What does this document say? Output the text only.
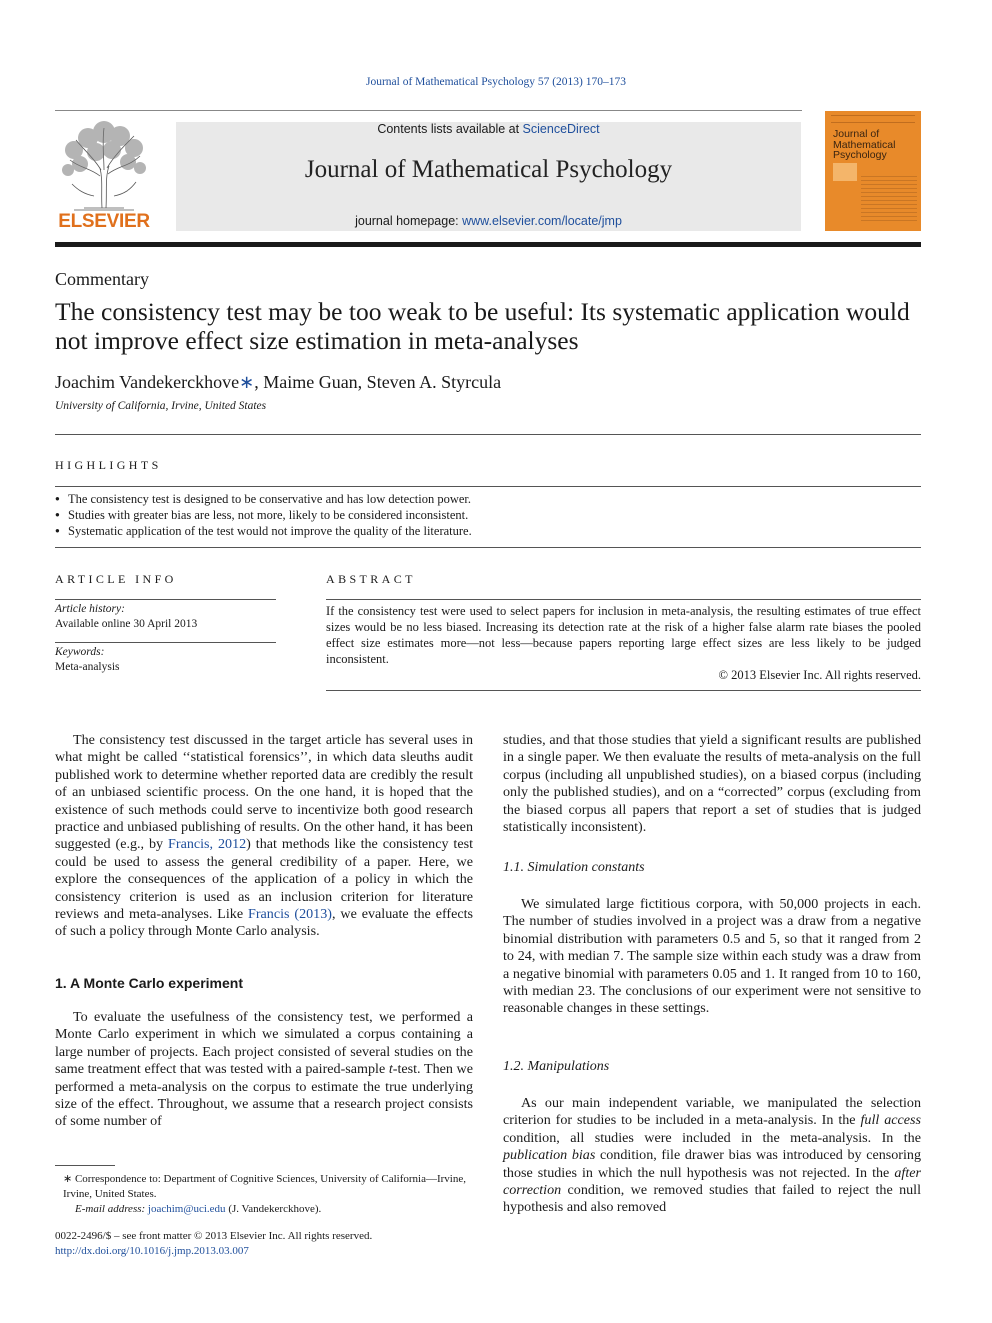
Journal of Mathematical Psychology 57 (2013) 170–173
ELSEVIER
Contents lists available at ScienceDirect
Journal of Mathematical Psychology
journal homepage: www.elsevier.com/locate/jmp
Journal of Mathematical Psychology
Commentary
The consistency test may be too weak to be useful: Its systematic application would not improve effect size estimation in meta-analyses
Joachim Vandekerckhove∗, Maime Guan, Steven A. Styrcula
University of California, Irvine, United States
HIGHLIGHTS
● The consistency test is designed to be conservative and has low detection power.
● Studies with greater bias are less, not more, likely to be considered inconsistent.
● Systematic application of the test would not improve the quality of the literature.
ARTICLE INFO
Article history:
Available online 30 April 2013
Keywords:
Meta-analysis
ABSTRACT
If the consistency test were used to select papers for inclusion in meta-analysis, the resulting estimates of true effect sizes would be no less biased. Increasing its detection rate at the risk of a higher false alarm rate biases the pooled effect size estimates more—not less—because papers reporting large effect sizes are less likely to be judged inconsistent.
© 2013 Elsevier Inc. All rights reserved.
The consistency test discussed in the target article has several uses in what might be called ‘‘statistical forensics’’, in which data sleuths audit published work to determine whether reported data are credibly the result of an unbiased scientific process. On the one hand, it is hoped that the existence of such methods could serve to incentivize both good research practice and unbiased publishing of results. On the other hand, it has been suggested (e.g., by Francis, 2012) that methods like the consistency test could be used to assess the general credibility of a paper. Here, we explore the consequences of the application of a policy in which the consistency criterion is used as an inclusion criterion for literature reviews and meta-analyses. Like Francis (2013), we evaluate the effects of such a policy through Monte Carlo analysis.
1. A Monte Carlo experiment
To evaluate the usefulness of the consistency test, we performed a Monte Carlo experiment in which we simulated a corpus containing a large number of projects. Each project consisted of several studies on the same treatment effect that was tested with a paired-sample t-test. Then we performed a meta-analysis on the corpus to estimate the true underlying size of the effect. Throughout, we assume that a research project consists of some number of
studies, and that those studies that yield a significant results are published in a single paper. We then evaluate the results of meta-analysis on the full corpus (including all unpublished studies), on a biased corpus (including only the published studies), and on a “corrected” corpus (excluding from the biased corpus all papers that report a set of studies that is judged statistically inconsistent).
1.1. Simulation constants
We simulated large fictitious corpora, with 50,000 projects in each. The number of studies involved in a project was a draw from a negative binomial distribution with parameters 0.5 and 5, so that it ranged from 2 to 24, with median 7. The sample size within each study was a draw from a negative binomial with parameters 0.05 and 1. It ranged from 10 to 160, with median 23. The conclusions of our experiment were not sensitive to reasonable changes in these settings.
1.2. Manipulations
As our main independent variable, we manipulated the selection criterion for studies to be included in a meta-analysis. In the full access condition, all studies were included in the meta-analysis. In the publication bias condition, file drawer bias was introduced by censoring those studies in which the null hypothesis was not rejected. In the after correction condition, we removed studies that failed to reject the null hypothesis and also removed
∗ Correspondence to: Department of Cognitive Sciences, University of California—Irvine, Irvine, United States.
E-mail address: joachim@uci.edu (J. Vandekerckhove).
0022-2496/$ – see front matter © 2013 Elsevier Inc. All rights reserved.
http://dx.doi.org/10.1016/j.jmp.2013.03.007
